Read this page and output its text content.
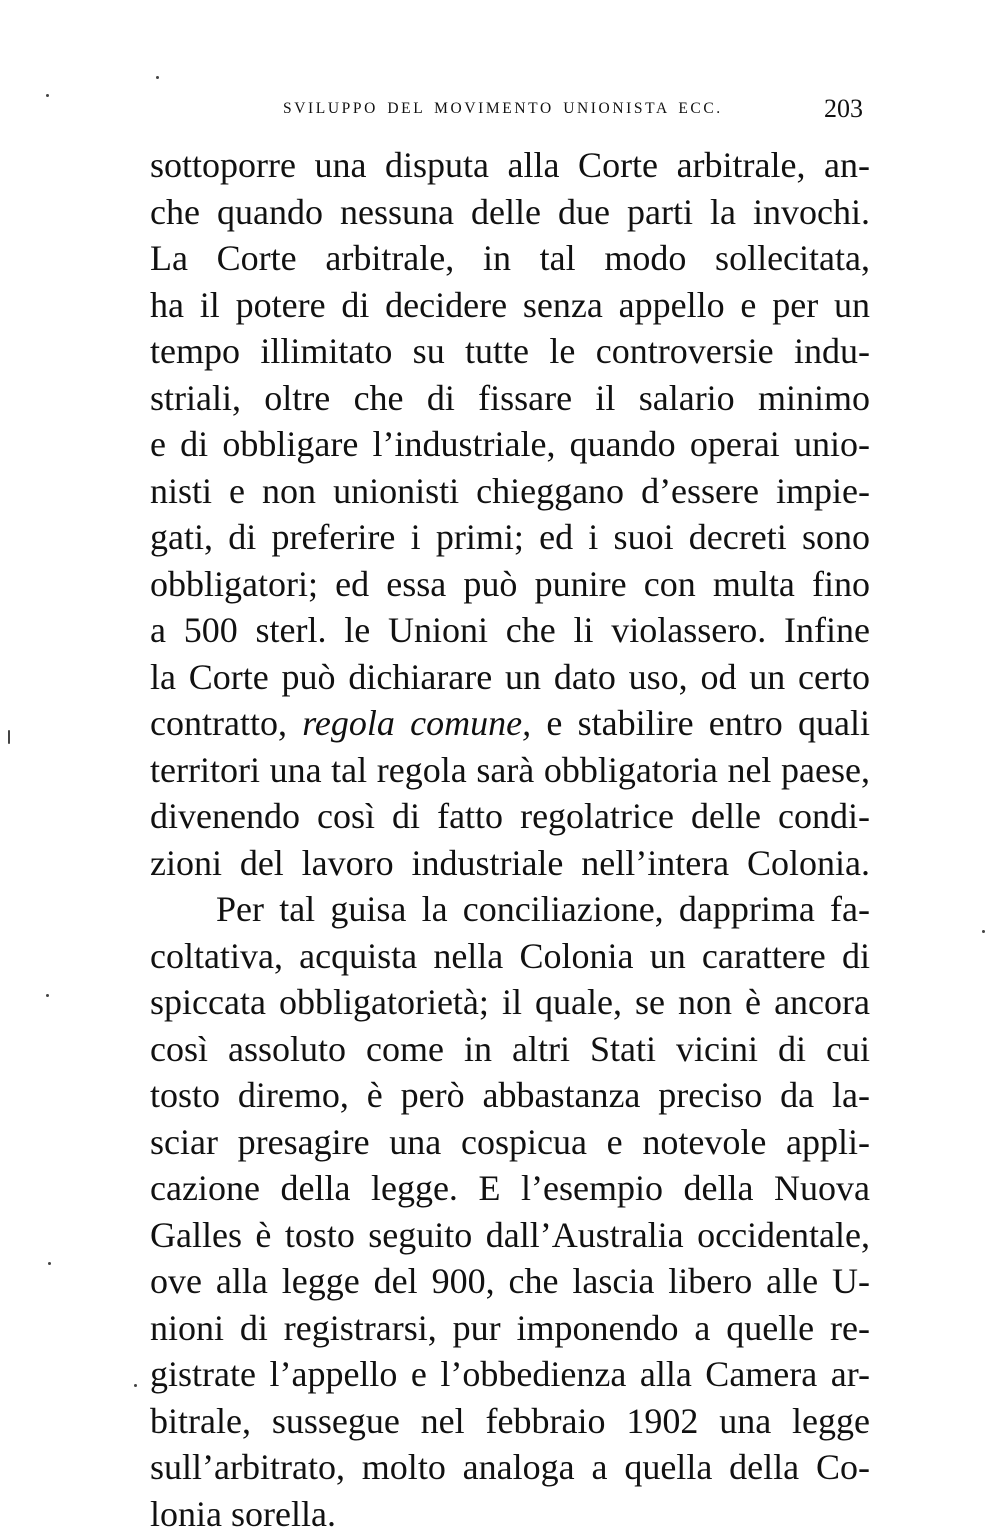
SVILUPPO DEL MOVIMENTO UNIONISTA ECC.	203
sottoporre una disputa alla Corte arbitrale, an-
che quando nessuna delle due parti la invochi.
La Corte arbitrale, in tal modo sollecitata,
ha il potere di decidere senza appello e per un
tempo illimitato su tutte le controversie indu-
striali, oltre che di fissare il salario minimo
e di obbligare l’industriale, quando operai unio-
nisti e non unionisti chieggano d’essere impie-
gati, di preferire i primi; ed i suoi decreti sono
obbligatori; ed essa può punire con multa fino
a 500 sterl. le Unioni che li violassero. Infine
la Corte può dichiarare un dato uso, od un certo
contratto, regola comune, e stabilire entro quali
territori una tal regola sarà obbligatoria nel paese,
divenendo così di fatto regolatrice delle condi-
zioni del lavoro industriale nell’intera Colonia.
Per tal guisa la conciliazione, dapprima fa-
coltativa, acquista nella Colonia un carattere di
spiccata obbligatorietà; il quale, se non è ancora
così assoluto come in altri Stati vicini di cui
tosto diremo, è però abbastanza preciso da la-
sciar presagire una cospicua e notevole appli-
cazione della legge. E l’esempio della Nuova
Galles è tosto seguito dall’Australia occidentale,
ove alla legge del 900, che lascia libero alle U-
nioni di registrarsi, pur imponendo a quelle re-
gistrate l’appello e l’obbedienza alla Camera ar-
bitrale, sussegue nel febbraio 1902 una legge
sull’arbitrato, molto analoga a quella della Co-
lonia sorella.
